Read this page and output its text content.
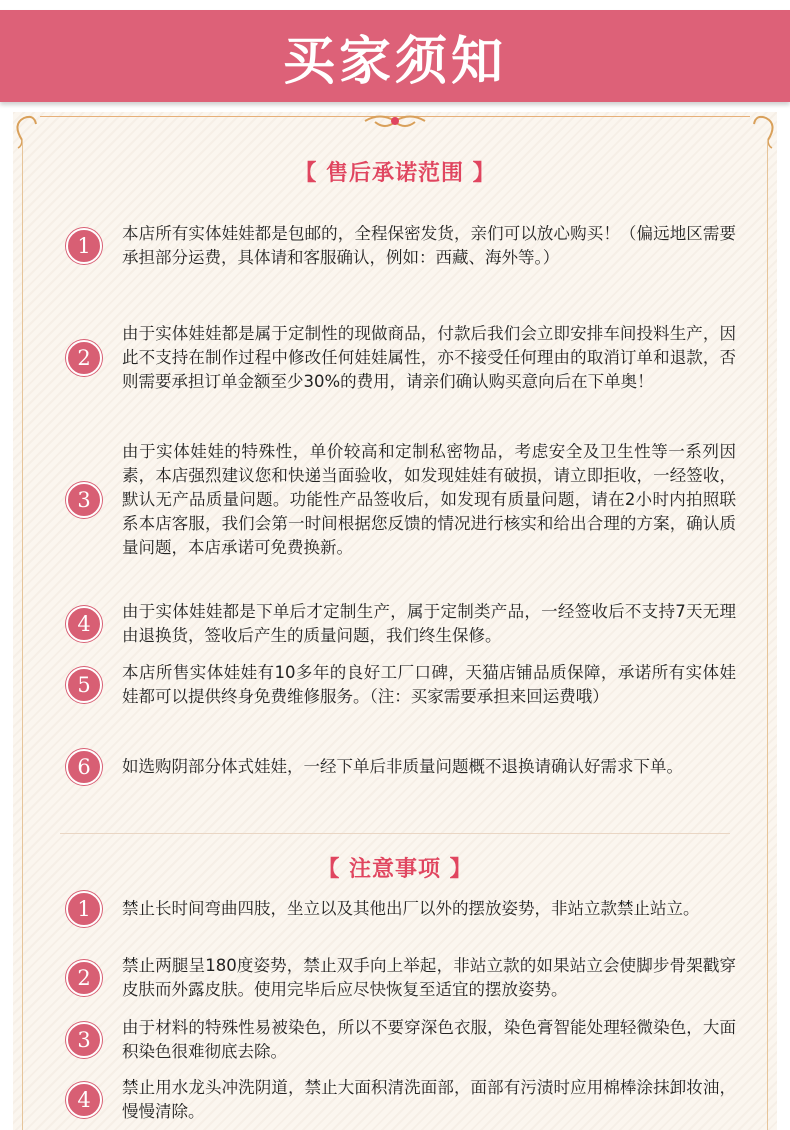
买家须知
【 售后承诺范围 】
1
本店所有实体娃娃都是包邮的，全程保密发货，亲们可以放心购买！（偏远地区需要承担部分运费，具体请和客服确认，例如：西藏、海外等。）
2
由于实体娃娃都是属于定制性的现做商品，付款后我们会立即安排车间投料生产，因此不支持在制作过程中修改任何娃娃属性，亦不接受任何理由的取消订单和退款，否则需要承担订单金额至少30%的费用，请亲们确认购买意向后在下单奥！
3
由于实体娃娃的特殊性，单价较高和定制私密物品，考虑安全及卫生性等一系列因素，本店强烈建议您和快递当面验收，如发现娃娃有破损，请立即拒收，一经签收，默认无产品质量问题。功能性产品签收后，如发现有质量问题，请在2小时内拍照联系本店客服，我们会第一时间根据您反馈的情况进行核实和给出合理的方案，确认质量问题，本店承诺可免费换新。
4
由于实体娃娃都是下单后才定制生产，属于定制类产品，一经签收后不支持7天无理由退换货，签收后产生的质量问题，我们终生保修。
5
本店所售实体娃娃有10多年的良好工厂口碑，天猫店铺品质保障，承诺所有实体娃娃都可以提供终身免费维修服务。（注：买家需要承担来回运费哦）
6	如选购阴部分体式娃娃，一经下单后非质量问题概不退换请确认好需求下单。
【 注意事项 】
1	禁止长时间弯曲四肢，坐立以及其他出厂以外的摆放姿势，非站立款禁止站立。
2
禁止两腿呈180度姿势，禁止双手向上举起，非站立款的如果站立会使脚步骨架戳穿皮肤而外露皮肤。使用完毕后应尽快恢复至适宜的摆放姿势。
3
由于材料的特殊性易被染色，所以不要穿深色衣服，染色膏智能处理轻微染色，大面积染色很难彻底去除。
4
禁止用水龙头冲洗阴道，禁止大面积清洗面部，面部有污渍时应用棉棒涂抹卸妆油，慢慢清除。
